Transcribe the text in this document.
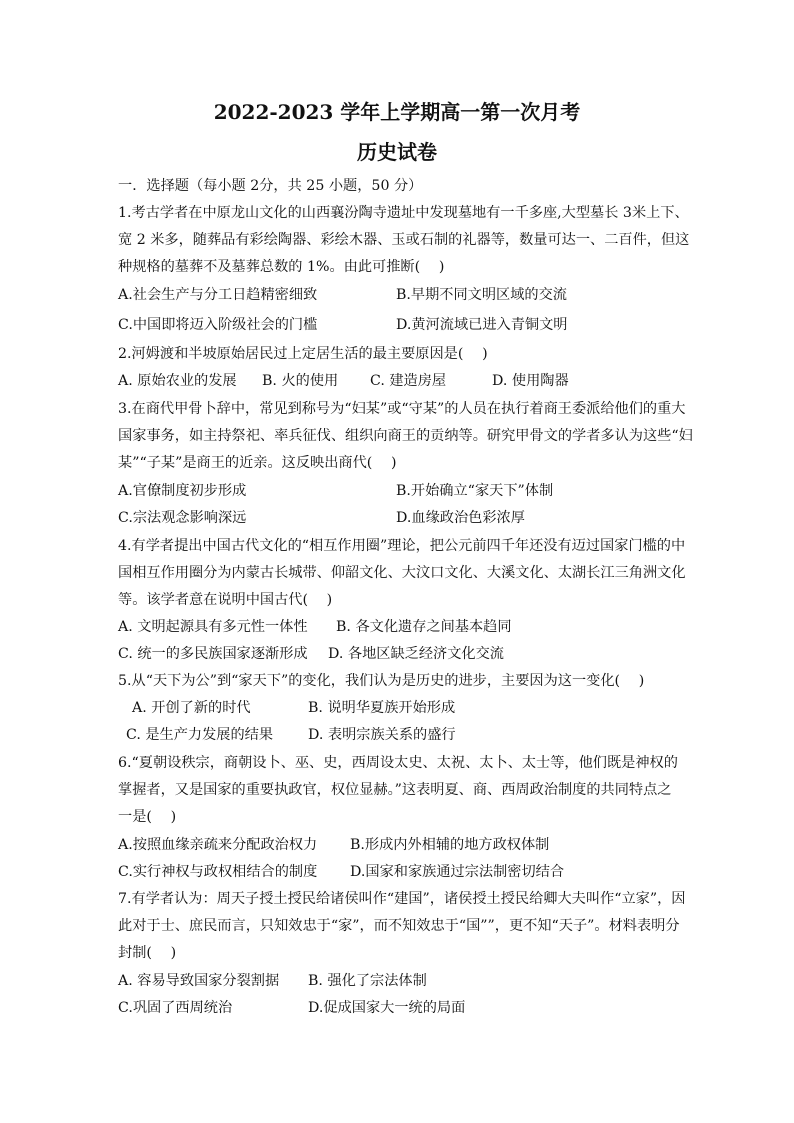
2022-2023 学年上学期高一第一次月考
历史试卷
一．选择题（每小题 2分，共 25 小题，50 分）
1.考古学者在中原龙山文化的山西襄汾陶寺遗址中发现墓地有一千多座,大型墓长 3米上下、
宽 2 米多，随葬品有彩绘陶器、彩绘木器、玉或石制的礼器等，数量可达一、二百件，但这
种规格的墓葬不及墓葬总数的 1%。由此可推断(　 )
A.社会生产与分工日趋精密细致	B.早期不同文明区域的交流
C.中国即将迈入阶级社会的门槛	D.黄河流域已进入青铜文明
2.河姆渡和半坡原始居民过上定居生活的最主要原因是(　 )
A. 原始农业的发展 B. 火的使用 C. 建造房屋	D. 使用陶器
3.在商代甲骨卜辞中，常见到称号为“妇某”或“守某”的人员在执行着商王委派给他们的重大
国家事务，如主持祭祀、率兵征伐、组织向商王的贡纳等。研究甲骨文的学者多认为这些“妇
某”“子某”是商王的近亲。这反映出商代(　 )
A.官僚制度初步形成	B.开始确立“家天下”体制
C.宗法观念影响深远	D.血缘政治色彩浓厚
4.有学者提出中国古代文化的“相互作用圈”理论，把公元前四千年还没有迈过国家门槛的中
国相互作用圈分为内蒙古长城带、仰韶文化、大汶口文化、大溪文化、太湖长江三角洲文化
等。该学者意在说明中国古代(　 )
A. 文明起源具有多元性一体性 B. 各文化遗存之间基本趋同
C. 统一的多民族国家逐渐形成 D. 各地区缺乏经济文化交流
5.从“天下为公”到“家天下”的变化，我们认为是历史的进步，主要因为这一变化(　 )
A. 开创了新的时代	B. 说明华夏族开始形成
C. 是生产力发展的结果 D. 表明宗族关系的盛行
6.“夏朝设秩宗，商朝设卜、巫、史，西周设太史、太祝、太卜、太士等，他们既是神权的
掌握者，又是国家的重要执政官，权位显赫。”这表明夏、商、西周政治制度的共同特点之
一是(　 )
A.按照血缘亲疏来分配政治权力 B.形成内外相辅的地方政权体制
C.实行神权与政权相结合的制度 D.国家和家族通过宗法制密切结合
7.有学者认为：周天子授土授民给诸侯叫作“建国”，诸侯授土授民给卿大夫叫作“立家”，因
此对于士、庶民而言，只知效忠于“家”，而不知效忠于“国””，更不知“天子”。材料表明分
封制(　 )
A. 容易导致国家分裂割据 B. 强化了宗法体制
C.巩固了西周统治	D.促成国家大一统的局面
